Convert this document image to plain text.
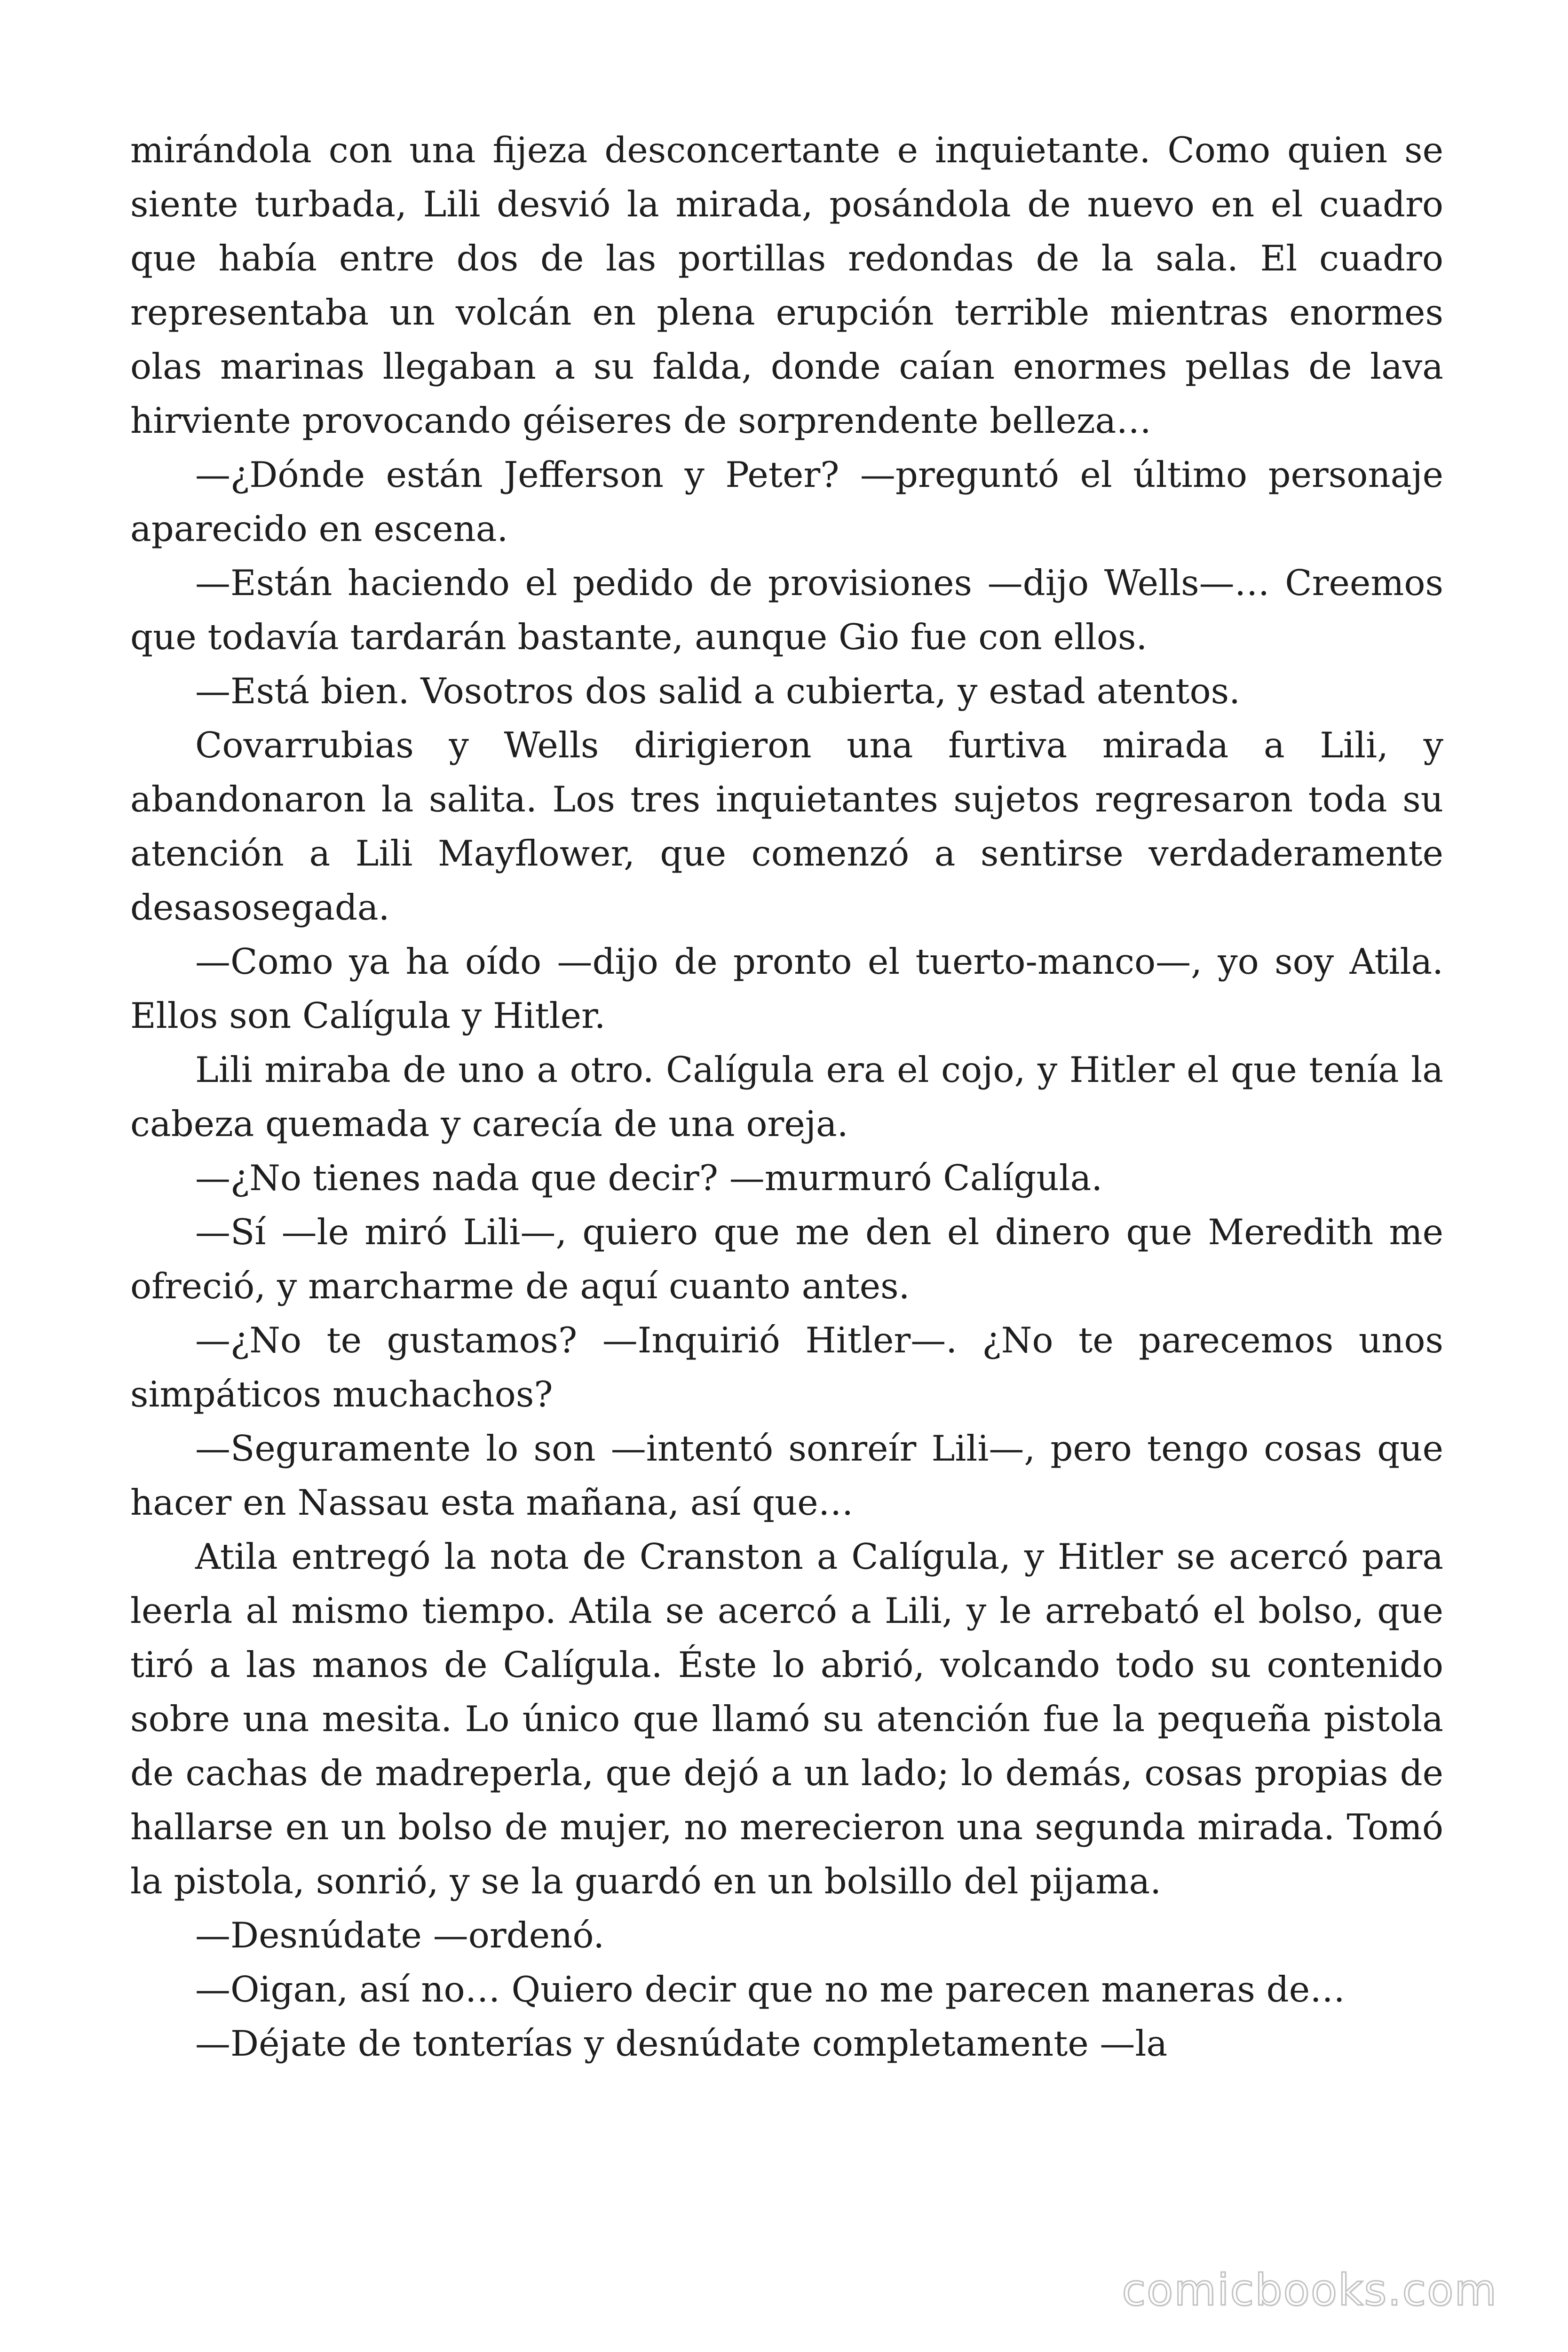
mirándola con una fijeza desconcertante e inquietante. Como quien se siente turbada, Lili desvió la mirada, posándola de nuevo en el cuadro que había entre dos de las portillas redondas de la sala. El cuadro representaba un volcán en plena erupción terrible mientras enormes olas marinas llegaban a su falda, donde caían enormes pellas de lava hirviente provocando géiseres de sorprendente belleza…

—¿Dónde están Jefferson y Peter? —preguntó el último personaje aparecido en escena.

—Están haciendo el pedido de provisiones —dijo Wells—… Creemos que todavía tardarán bastante, aunque Gio fue con ellos.

—Está bien. Vosotros dos salid a cubierta, y estad atentos.

Covarrubias y Wells dirigieron una furtiva mirada a Lili, y abandonaron la salita. Los tres inquietantes sujetos regresaron toda su atención a Lili Mayflower, que comenzó a sentirse verdaderamente desasosegada.

—Como ya ha oído —dijo de pronto el tuerto-manco—, yo soy Atila. Ellos son Calígula y Hitler.

Lili miraba de uno a otro. Calígula era el cojo, y Hitler el que tenía la cabeza quemada y carecía de una oreja.

—¿No tienes nada que decir? —murmuró Calígula.

—Sí —le miró Lili—, quiero que me den el dinero que Meredith me ofreció, y marcharme de aquí cuanto antes.

—¿No te gustamos? —Inquirió Hitler—. ¿No te parecemos unos simpáticos muchachos?

—Seguramente lo son —intentó sonreír Lili—, pero tengo cosas que hacer en Nassau esta mañana, así que…

Atila entregó la nota de Cranston a Calígula, y Hitler se acercó para leerla al mismo tiempo. Atila se acercó a Lili, y le arrebató el bolso, que tiró a las manos de Calígula. Éste lo abrió, volcando todo su contenido sobre una mesita. Lo único que llamó su atención fue la pequeña pistola de cachas de madreperla, que dejó a un lado; lo demás, cosas propias de hallarse en un bolso de mujer, no merecieron una segunda mirada. Tomó la pistola, sonrió, y se la guardó en un bolsillo del pijama.

—Desnúdate —ordenó.

—Oigan, así no… Quiero decir que no me parecen maneras de…

—Déjate de tonterías y desnúdate completamente —la

comicbooks.com
